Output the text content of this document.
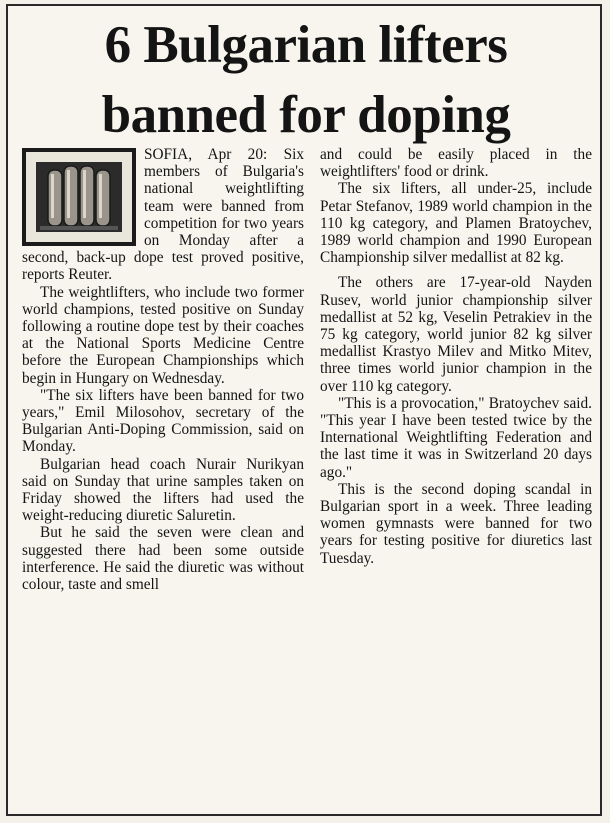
6 Bulgarian lifters
banned for doping

SOFIA, Apr 20: Six members of Bulgaria's national weightlifting team were banned from competition for two years on Monday after a second, back-up dope test proved positive, reports Reuter.

The weightlifters, who include two former world champions, tested positive on Sunday following a routine dope test by their coaches at the National Sports Medicine Centre before the European Championships which begin in Hungary on Wednesday.

"The six lifters have been banned for two years," Emil Milosohov, secretary of the Bulgarian Anti-Doping Commission, said on Monday.

Bulgarian head coach Nurair Nurikyan said on Sunday that urine samples taken on Friday showed the lifters had used the weight-reducing diuretic Saluretin.

But he said the seven were clean and suggested there had been some outside interference. He said the diuretic was without colour, taste and smell

and could be easily placed in the weightlifters' food or drink.

The six lifters, all under-25, include Petar Stefanov, 1989 world champion in the 110 kg category, and Plamen Bratoychev, 1989 world champion and 1990 European Championship silver medallist at 82 kg.

The others are 17-year-old Nayden Rusev, world junior championship silver medallist at 52 kg, Veselin Petrakiev in the 75 kg category, world junior 82 kg silver medallist Krastyo Milev and Mitko Mitev, three times world junior champion in the over 110 kg category.

"This is a provocation," Bratoychev said. "This year I have been tested twice by the International Weightlifting Federation and the last time it was in Switzerland 20 days ago."

This is the second doping scandal in Bulgarian sport in a week. Three leading women gymnasts were banned for two years for testing positive for diuretics last Tuesday.
